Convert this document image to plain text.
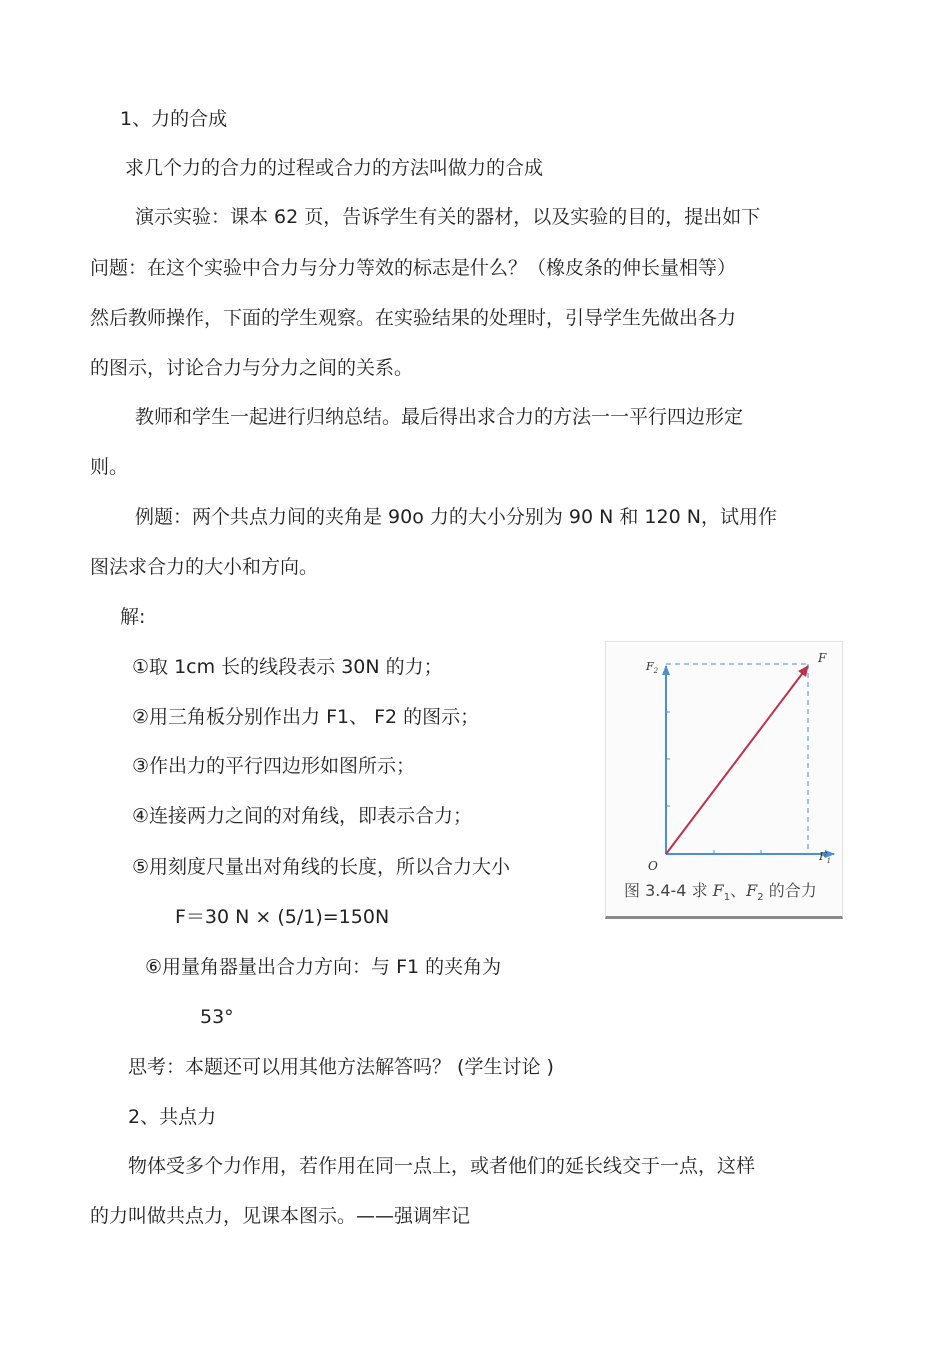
1、力的合成
求几个力的合力的过程或合力的方法叫做力的合成
演示实验：课本 62 页，告诉学生有关的器材，以及实验的目的，提出如下
问题：在这个实验中合力与分力等效的标志是什么？（橡皮条的伸长量相等）
然后教师操作，下面的学生观察。在实验结果的处理时，引导学生先做出各力
的图示，讨论合力与分力之间的关系。
教师和学生一起进行归纳总结。最后得出求合力的方法一一平行四边形定
则。
例题：两个共点力间的夹角是 90ο 力的大小分别为 90 N 和 120 N，试用作
图法求合力的大小和方向。
解:
①取 1cm 长的线段表示 30N 的力；
②用三角板分别作出力 F1、 F2 的图示；
③作出力的平行四边形如图所示；
④连接两力之间的对角线，即表示合力；
⑤用刻度尺量出对角线的长度，所以合力大小
F＝30 N × (5/1)=150N
⑥用量角器量出合力方向：与 F1 的夹角为
53°
思考：本题还可以用其他方法解答吗？ (学生讨论 )
2、共点力
物体受多个力作用，若作用在同一点上，或者他们的延长线交于一点，这样
的力叫做共点力，见课本图示。——强调牢记
F
$F_2$
$F_1$
O
图 3.4-4 求 $F_1$、$F_2$ 的合力
